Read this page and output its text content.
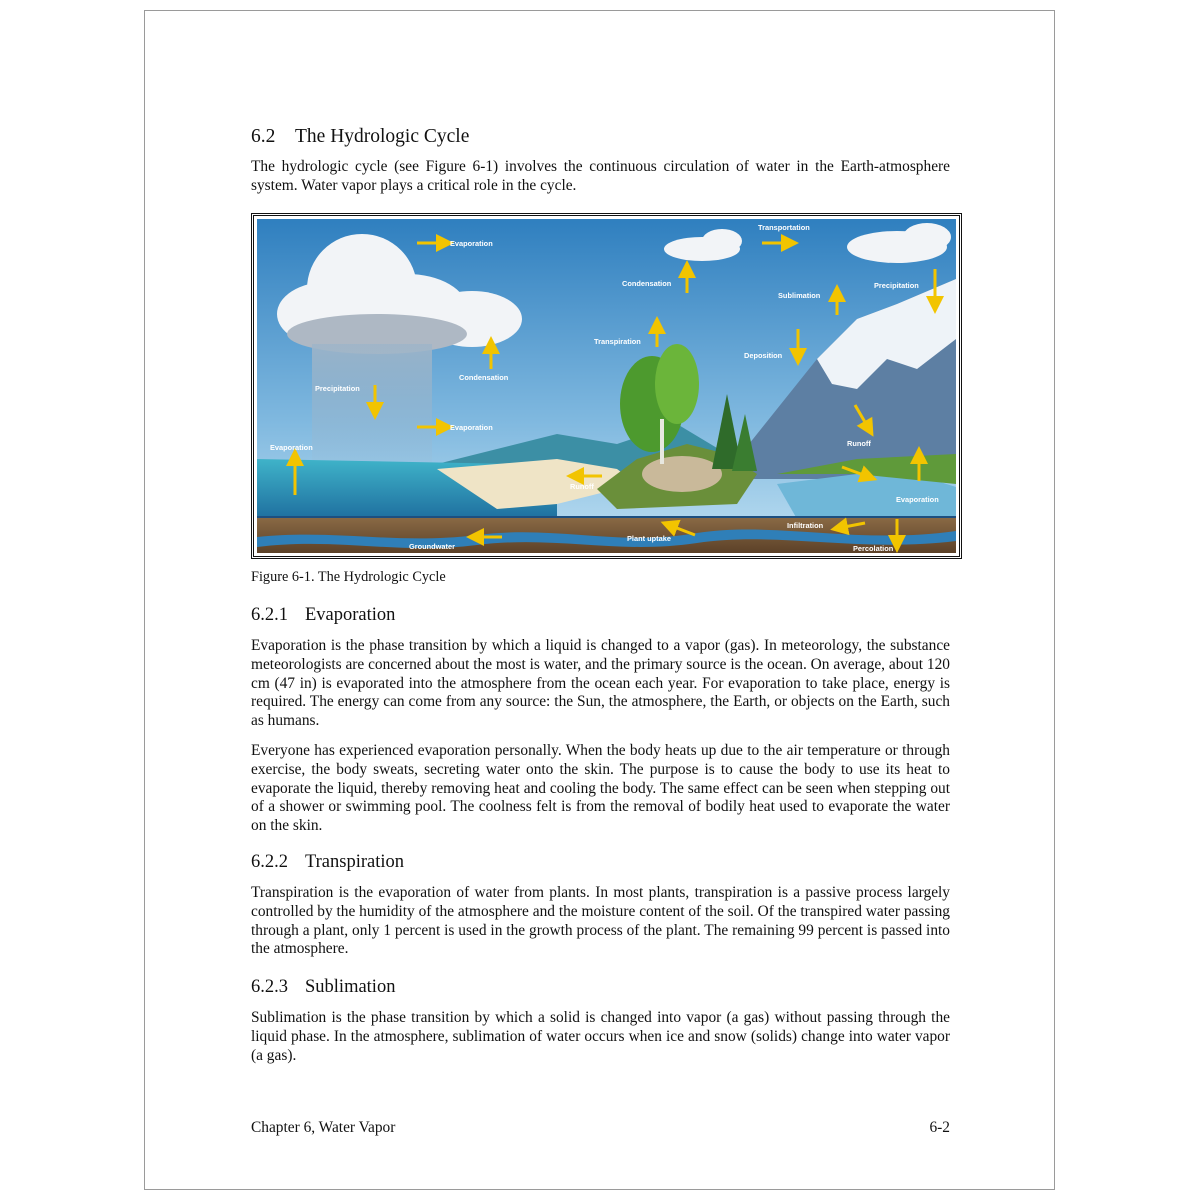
6.2 The Hydrologic Cycle

The hydrologic cycle (see Figure 6-1) involves the continuous circulation of water in the Earth-atmosphere system. Water vapor plays a critical role in the cycle.

Evaporation
Transportation
Condensation	Precipitation
Sublimation
Transpiration
Deposition
Condensation
Precipitation
Evaporation
Evaporation	Runoff
Runoff
Evaporation
Infiltration
Plant uptake
Groundwater	Percolation
Figure 6-1. The Hydrologic Cycle
6.2.1 Evaporation

Evaporation is the phase transition by which a liquid is changed to a vapor (gas). In meteorology, the substance meteorologists are concerned about the most is water, and the primary source is the ocean. On average, about 120 cm (47 in) is evaporated into the atmosphere from the ocean each year. For evaporation to take place, energy is required. The energy can come from any source: the Sun, the atmosphere, the Earth, or objects on the Earth, such as humans.

Everyone has experienced evaporation personally. When the body heats up due to the air temperature or through exercise, the body sweats, secreting water onto the skin. The purpose is to cause the body to use its heat to evaporate the liquid, thereby removing heat and cooling the body. The same effect can be seen when stepping out of a shower or swimming pool. The coolness felt is from the removal of bodily heat used to evaporate the water on the skin.

6.2.2 Transpiration

Transpiration is the evaporation of water from plants. In most plants, transpiration is a passive process largely controlled by the humidity of the atmosphere and the moisture content of the soil. Of the transpired water passing through a plant, only 1 percent is used in the growth process of the plant. The remaining 99 percent is passed into the atmosphere.

6.2.3 Sublimation

Sublimation is the phase transition by which a solid is changed into vapor (a gas) without passing through the liquid phase. In the atmosphere, sublimation of water occurs when ice and snow (solids) change into water vapor (a gas).

Chapter 6, Water Vapor	6-2
